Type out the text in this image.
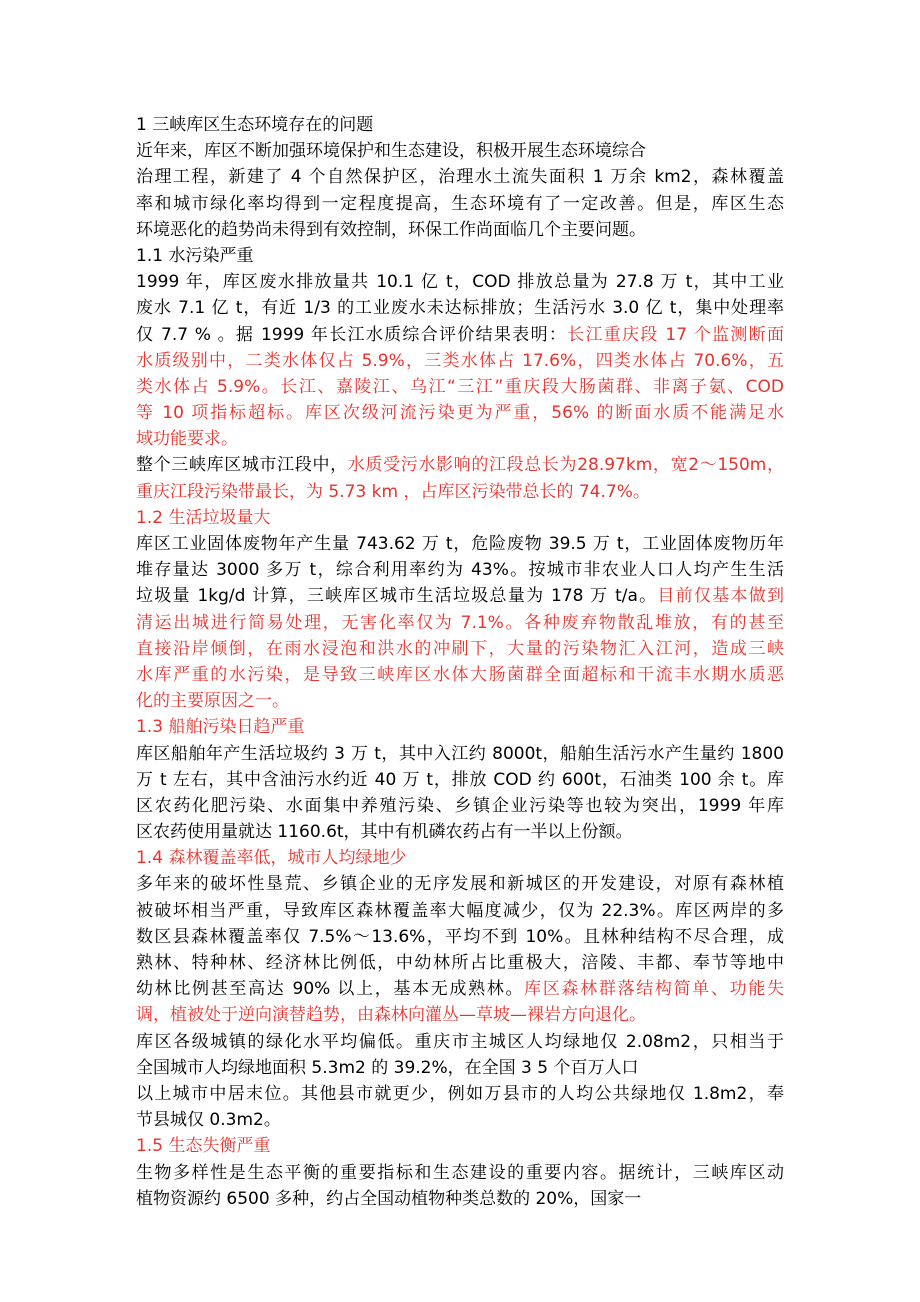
1 三峡库区生态环境存在的问题
近年来，库区不断加强环境保护和生态建设，积极开展生态环境综合
治理工程，新建了 4 个自然保护区，治理水土流失面积 1 万余 km2，森林覆盖
率和城市绿化率均得到一定程度提高，生态环境有了一定改善。但是，库区生态
环境恶化的趋势尚未得到有效控制，环保工作尚面临几个主要问题。
1.1 水污染严重
1999 年，库区废水排放量共 10.1 亿 t，COD 排放总量为 27.8 万 t，其中工业
废水 7.1 亿 t，有近 1/3 的工业废水未达标排放；生活污水 3.0 亿 t，集中处理率
仅 7.7 % 。据 1999 年长江水质综合评价结果表明：长江重庆段 17 个监测断面
水质级别中，二类水体仅占 5.9%，三类水体占 17.6%，四类水体占 70.6%，五
类水体占 5.9%。长江、嘉陵江、乌江“三江”重庆段大肠菌群、非离子氨、COD
等 10 项指标超标。库区次级河流污染更为严重，56% 的断面水质不能满足水
域功能要求。
整个三峡库区城市江段中，水质受污水影响的江段总长为28.97km，宽2～150m，
重庆江段污染带最长，为 5.73 km ，占库区污染带总长的 74.7%。
1.2 生活垃圾量大
库区工业固体废物年产生量 743.62 万 t，危险废物 39.5 万 t，工业固体废物历年
堆存量达 3000 多万 t，综合利用率约为 43%。按城市非农业人口人均产生生活
垃圾量 1kg/d 计算，三峡库区城市生活垃圾总量为 178 万 t/a。目前仅基本做到
清运出城进行简易处理，无害化率仅为 7.1%。各种废弃物散乱堆放，有的甚至
直接沿岸倾倒，在雨水浸泡和洪水的冲刷下，大量的污染物汇入江河，造成三峡
水库严重的水污染，是导致三峡库区水体大肠菌群全面超标和干流丰水期水质恶
化的主要原因之一。
1.3 船舶污染日趋严重
库区船舶年产生活垃圾约 3 万 t，其中入江约 8000t，船舶生活污水产生量约 1800
万 t 左右，其中含油污水约近 40 万 t，排放 COD 约 600t，石油类 100 余 t。库
区农药化肥污染、水面集中养殖污染、乡镇企业污染等也较为突出，1999 年库
区农药使用量就达 1160.6t，其中有机磷农药占有一半以上份额。
1.4 森林覆盖率低，城市人均绿地少
多年来的破坏性垦荒、乡镇企业的无序发展和新城区的开发建设，对原有森林植
被破坏相当严重，导致库区森林覆盖率大幅度减少，仅为 22.3%。库区两岸的多
数区县森林覆盖率仅 7.5%～13.6%，平均不到 10%。且林种结构不尽合理，成
熟林、特种林、经济林比例低，中幼林所占比重极大，涪陵、丰都、奉节等地中
幼林比例甚至高达 90% 以上，基本无成熟林。库区森林群落结构简单、功能失
调，植被处于逆向演替趋势，由森林向灌丛—草坡—裸岩方向退化。
库区各级城镇的绿化水平均偏低。重庆市主城区人均绿地仅 2.08m2，只相当于
全国城市人均绿地面积 5.3m2 的 39.2%，在全国 3 5 个百万人口
以上城市中居末位。其他县市就更少，例如万县市的人均公共绿地仅 1.8m2，奉
节县城仅 0.3m2。
1.5 生态失衡严重
生物多样性是生态平衡的重要指标和生态建设的重要内容。据统计，三峡库区动
植物资源约 6500 多种，约占全国动植物种类总数的 20%，国家一
